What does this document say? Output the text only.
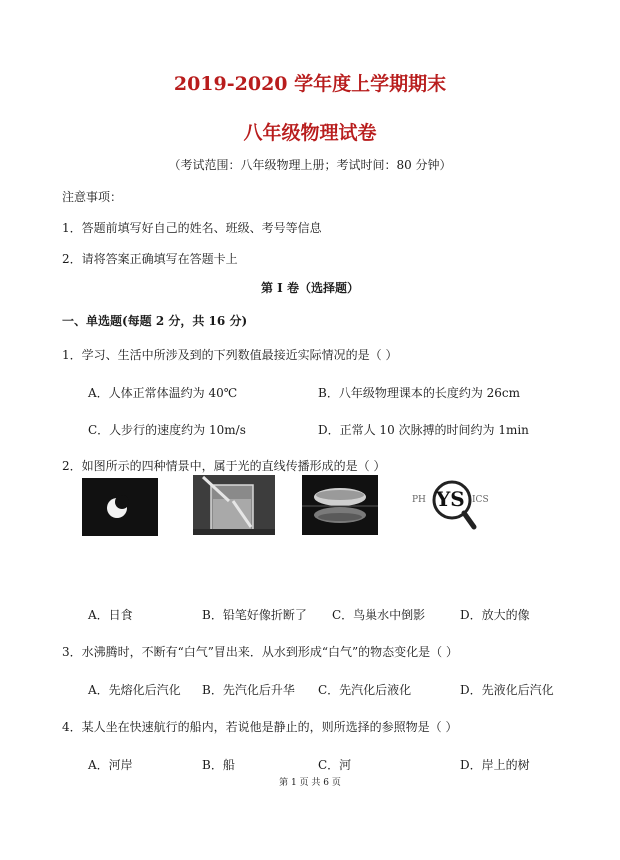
2019-2020 学年度上学期期末
八年级物理试卷
（考试范围：八年级物理上册；考试时间：80 分钟）
注意事项：
1．答题前填写好自己的姓名、班级、考号等信息
2．请将答案正确填写在答题卡上
第 I 卷（选择题）
一、单选题(每题 2 分，共 16 分)
1．学习、生活中所涉及到的下列数值最接近实际情况的是（ ）
A．人体正常体温约为 40℃	B．八年级物理课本的长度约为 26cm
C．人步行的速度约为 10m/s	D．正常人 10 次脉搏的时间约为 1min
2．如图所示的四种情景中，属于光的直线传播形成的是（ ）
PH	ICS
YS
A．日食	B．铅笔好像折断了 C．鸟巢水中倒影	D．放大的像
3．水沸腾时，不断有“白气”冒出来．从水到形成“白气”的物态变化是（ ）
A．先熔化后汽化 B．先汽化后升华 C．先汽化后液化	D．先液化后汽化
4．某人坐在快速航行的船内，若说他是静止的，则所选择的参照物是（ ）
A．河岸	B．船	C．河	D．岸上的树
第 1 页 共 6 页
